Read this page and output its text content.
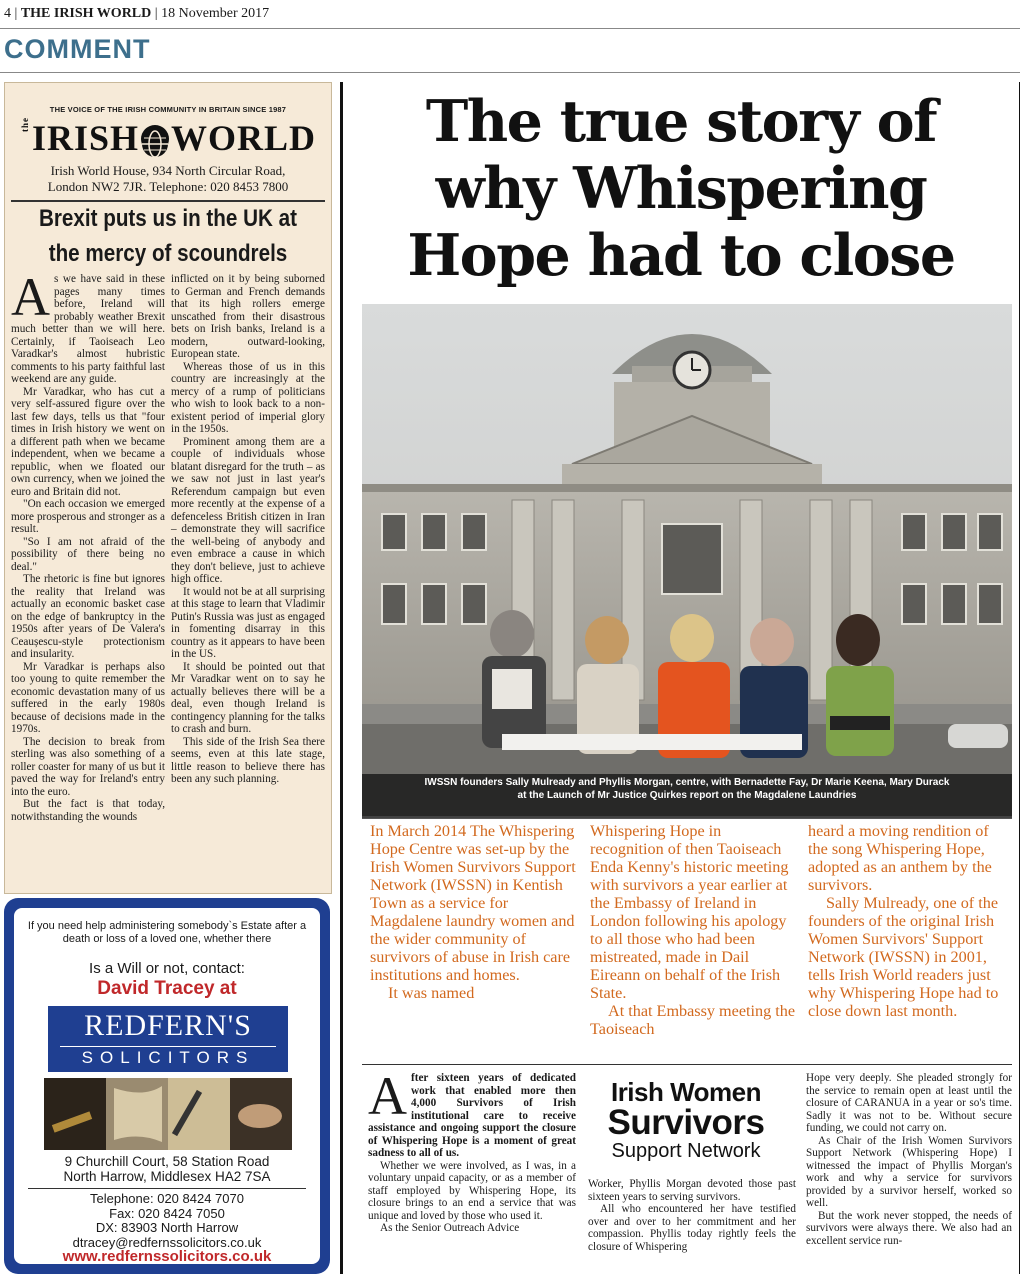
4 | THE IRISH WORLD | 18 November 2017
COMMENT
THE VOICE OF THE IRISH COMMUNITY IN BRITAIN SINCE 1987
theIRISH WORLD
Irish World House, 934 North Circular Road,
London NW2 7JR. Telephone: 020 8453 7800
Brexit puts us in the UK at the mercy of scoundrels

As we have said in these pages many times before, Ireland will probably weather Brexit much better than we will here. Certainly, if Taoiseach Leo Varadkar's almost hubristic comments to his party faithful last weekend are any guide.

Mr Varadkar, who has cut a very self-assured figure over the last few days, tells us that "four times in Irish history we went on a different path when we became independent, when we became a republic, when we floated our own currency, when we joined the euro and Britain did not.

"On each occasion we emerged more prosperous and stronger as a result.

"So I am not afraid of the possibility of there being no deal."

The rhetoric is fine but ignores the reality that Ireland was actually an economic basket case on the edge of bankruptcy in the 1950s after years of De Valera's Ceaușescu-style protectionism and insularity.

Mr Varadkar is perhaps also too young to quite remember the economic devastation many of us suffered in the early 1980s because of decisions made in the 1970s.

The decision to break from sterling was also something of a roller coaster for many of us but it paved the way for Ireland's entry into the euro.

But the fact is that today, notwithstanding the wounds

inflicted on it by being suborned to German and French demands that its high rollers emerge unscathed from their disastrous bets on Irish banks, Ireland is a modern, outward-looking, European state.

Whereas those of us in this country are increasingly at the mercy of a rump of politicians who wish to look back to a non-existent period of imperial glory in the 1950s.

Prominent among them are a couple of individuals whose blatant disregard for the truth – as we saw not just in last year's Referendum campaign but even more recently at the expense of a defenceless British citizen in Iran – demonstrate they will sacrifice the well-being of anybody and even embrace a cause in which they don't believe, just to achieve high office.

It would not be at all surprising at this stage to learn that Vladimir Putin's Russia was just as engaged in fomenting disarray in this country as it appears to have been in the US.

It should be pointed out that Mr Varadkar went on to say he actually believes there will be a deal, even though Ireland is contingency planning for the talks to crash and burn.

This side of the Irish Sea there seems, even at this late stage, little reason to believe there has been any such planning.

If you need help administering somebody`s Estate after a death or loss of a loved one, whether there
Is a Will or not, contact:
David Tracey at
REDFERN'S
SOLICITORS
9 Churchill Court, 58 Station Road
North Harrow, Middlesex HA2 7SA
Telephone: 020 8424 7070
Fax: 020 8424 7050
DX: 83903 North Harrow
dtracey@redfernssolicitors.co.uk
www.redfernssolicitors.co.uk
The true story of
why Whispering
Hope had to close
IWSSN founders Sally Mulready and Phyllis Morgan, centre, with Bernadette Fay, Dr Marie Keena, Mary Durack
at the Launch of Mr Justice Quirkes report on the Magdalene Laundries

In March 2014 The Whispering Hope Centre was set-up by the Irish Women Survivors Support Network (IWSSN) in Kentish Town as a service for Magdalene laundry women and the wider community of survivors of abuse in Irish care institutions and homes.

It was named

Whispering Hope in recognition of then Taoiseach Enda Kenny's historic meeting with survivors a year earlier at the Embassy of Ireland in London following his apology to all those who had been mistreated, made in Dail Eireann on behalf of the Irish State.

At that Embassy meeting the Taoiseach

heard a moving rendition of the song Whispering Hope, adopted as an anthem by the survivors.

Sally Mulready, one of the founders of the original Irish Women Survivors' Support Network (IWSSN) in 2001, tells Irish World readers just why Whispering Hope had to close down last month.

After sixteen years of dedicated work that enabled more then 4,000 Survivors of Irish institutional care to receive assistance and ongoing support the closure of Whispering Hope is a moment of great sadness to all of us.

Whether we were involved, as I was, in a voluntary unpaid capacity, or as a member of staff employed by Whispering Hope, its closure brings to an end a service that was unique and loved by those who used it.

As the Senior Outreach Advice

Irish Women
Survivors
Support Network

Worker, Phyllis Morgan devoted those past sixteen years to serving survivors.

All who encountered her have testified over and over to her commitment and her compassion. Phyllis today rightly feels the closure of Whispering

Hope very deeply. She pleaded strongly for the service to remain open at least until the closure of CARANUA in a year or so's time. Sadly it was not to be. Without secure funding, we could not carry on.

As Chair of the Irish Women Survivors Support Network (Whispering Hope) I witnessed the impact of Phyllis Morgan's work and why a service for survivors provided by a survivor herself, worked so well.

But the work never stopped, the needs of survivors were always there. We also had an excellent service run-
